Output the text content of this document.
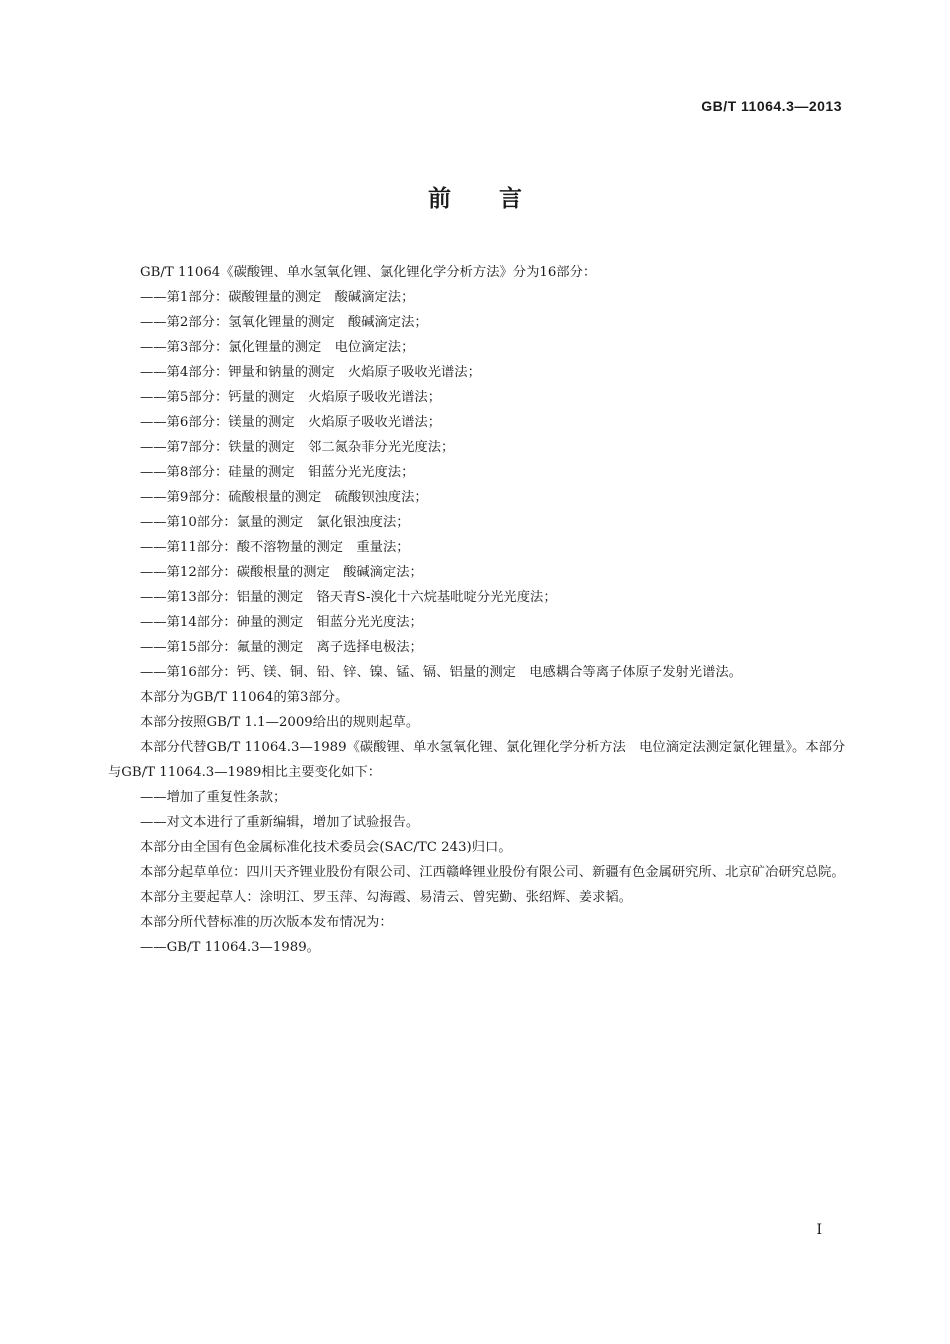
GB/T 11064.3—2013
前言

GB/T 11064《碳酸锂、单水氢氧化锂、氯化锂化学分析方法》分为16部分：

——第1部分：碳酸锂量的测定　酸碱滴定法；

——第2部分：氢氧化锂量的测定　酸碱滴定法；

——第3部分：氯化锂量的测定　电位滴定法；

——第4部分：钾量和钠量的测定　火焰原子吸收光谱法；

——第5部分：钙量的测定　火焰原子吸收光谱法；

——第6部分：镁量的测定　火焰原子吸收光谱法；

——第7部分：铁量的测定　邻二氮杂菲分光光度法；

——第8部分：硅量的测定　钼蓝分光光度法；

——第9部分：硫酸根量的测定　硫酸钡浊度法；

——第10部分：氯量的测定　氯化银浊度法；

——第11部分：酸不溶物量的测定　重量法；

——第12部分：碳酸根量的测定　酸碱滴定法；

——第13部分：铝量的测定　铬天青S-溴化十六烷基吡啶分光光度法；

——第14部分：砷量的测定　钼蓝分光光度法；

——第15部分：氟量的测定　离子选择电极法；

——第16部分：钙、镁、铜、铅、锌、镍、锰、镉、铝量的测定　电感耦合等离子体原子发射光谱法。

本部分为GB/T 11064的第3部分。

本部分按照GB/T 1.1—2009给出的规则起草。

本部分代替GB/T 11064.3—1989《碳酸锂、单水氢氧化锂、氯化锂化学分析方法　电位滴定法测定氯化锂量》。本部分与GB/T 11064.3—1989相比主要变化如下：

——增加了重复性条款；

——对文本进行了重新编辑，增加了试验报告。

本部分由全国有色金属标准化技术委员会(SAC/TC 243)归口。

本部分起草单位：四川天齐锂业股份有限公司、江西赣峰锂业股份有限公司、新疆有色金属研究所、北京矿冶研究总院。

本部分主要起草人：涂明江、罗玉萍、勾海霞、易清云、曾宪勤、张绍辉、姜求韬。

本部分所代替标准的历次版本发布情况为：

——GB/T 11064.3—1989。

I
